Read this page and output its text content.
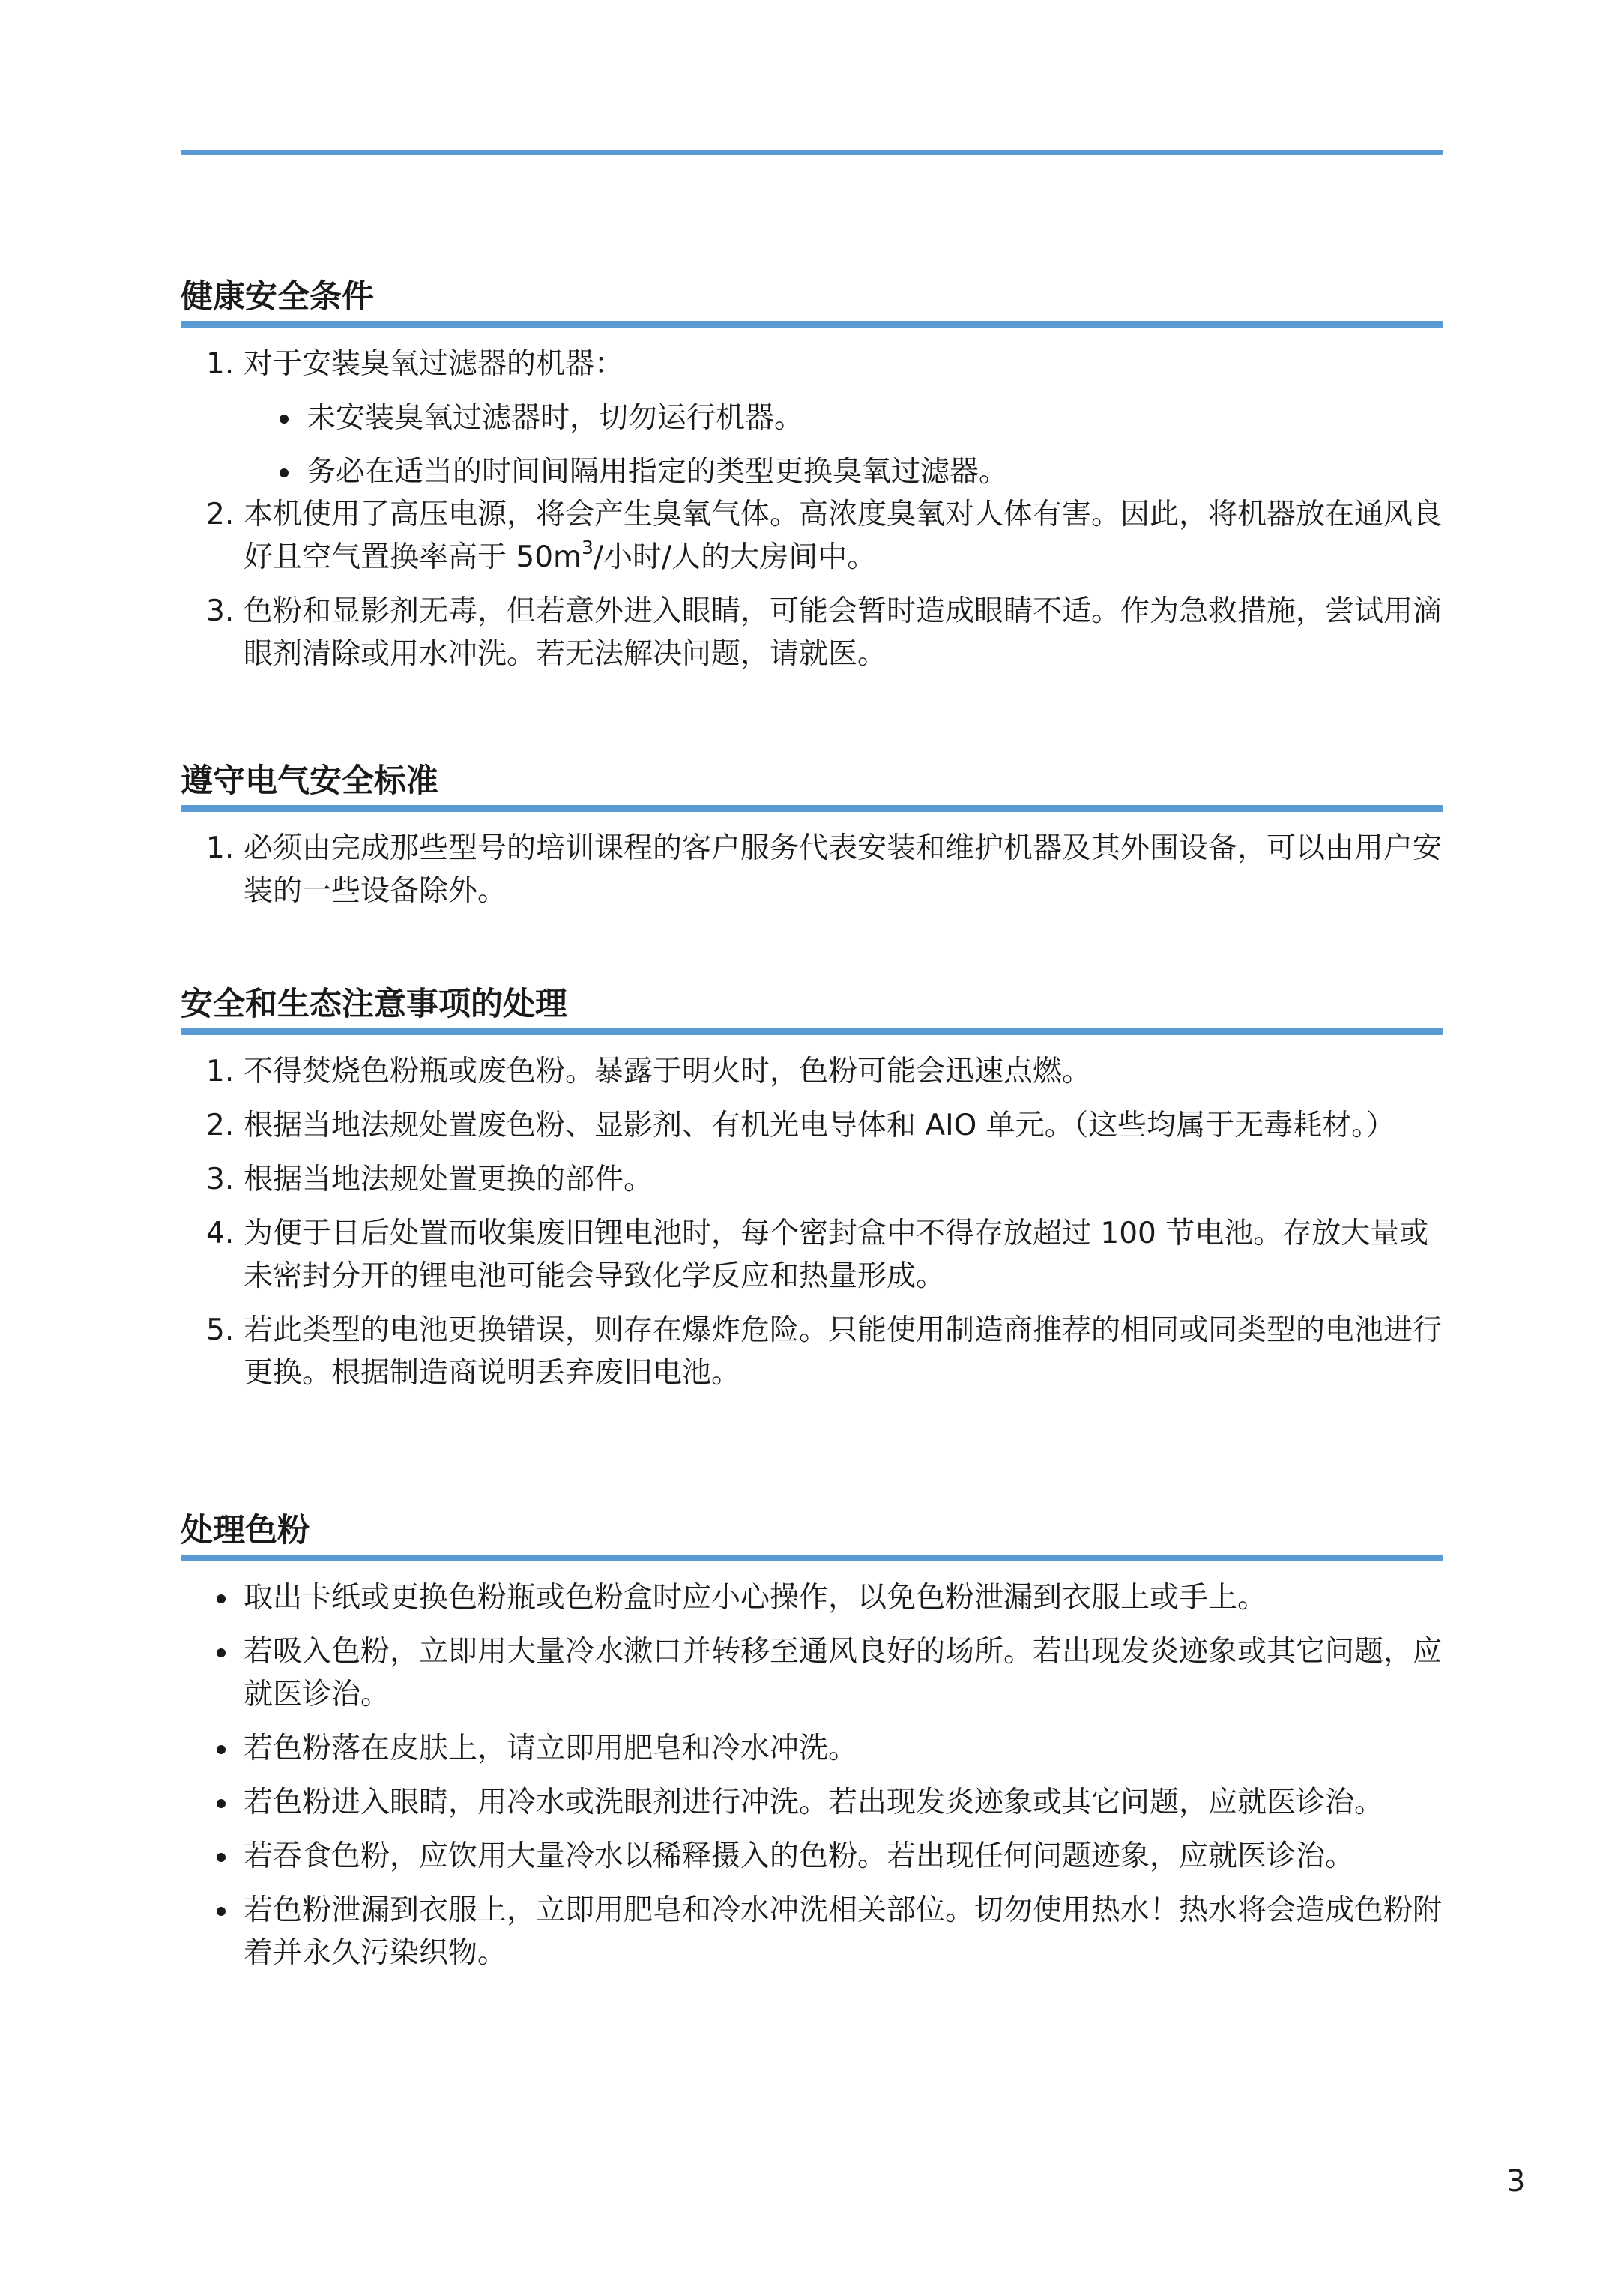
健康安全条件
1. 对于安装臭氧过滤器的机器：
未安装臭氧过滤器时，切勿运行机器。
务必在适当的时间间隔用指定的类型更换臭氧过滤器。
2. 本机使用了高压电源，将会产生臭氧气体。高浓度臭氧对人体有害。因此，将机器放在通风良好且空气置换率高于 $50m^3/$小时/人的大房间中。
3. 色粉和显影剂无毒，但若意外进入眼睛，可能会暂时造成眼睛不适。作为急救措施，尝试用滴眼剂清除或用水冲洗。若无法解决问题，请就医。
遵守电气安全标准
1. 必须由完成那些型号的培训课程的客户服务代表安装和维护机器及其外围设备，可以由用户安装的一些设备除外。
安全和生态注意事项的处理
1. 不得焚烧色粉瓶或废色粉。暴露于明火时，色粉可能会迅速点燃。
2. 根据当地法规处置废色粉、显影剂、有机光电导体和 AIO 单元。（这些均属于无毒耗材。）
3. 根据当地法规处置更换的部件。
4. 为便于日后处置而收集废旧锂电池时，每个密封盒中不得存放超过 100 节电池。存放大量或未密封分开的锂电池可能会导致化学反应和热量形成。
5. 若此类型的电池更换错误，则存在爆炸危险。只能使用制造商推荐的相同或同类型的电池进行更换。根据制造商说明丢弃废旧电池。
处理色粉
取出卡纸或更换色粉瓶或色粉盒时应小心操作，以免色粉泄漏到衣服上或手上。
若吸入色粉，立即用大量冷水漱口并转移至通风良好的场所。若出现发炎迹象或其它问题，应就医诊治。
若色粉落在皮肤上，请立即用肥皂和冷水冲洗。
若色粉进入眼睛，用冷水或洗眼剂进行冲洗。若出现发炎迹象或其它问题，应就医诊治。
若吞食色粉，应饮用大量冷水以稀释摄入的色粉。若出现任何问题迹象，应就医诊治。
若色粉泄漏到衣服上，立即用肥皂和冷水冲洗相关部位。切勿使用热水！热水将会造成色粉附着并永久污染织物。
3
